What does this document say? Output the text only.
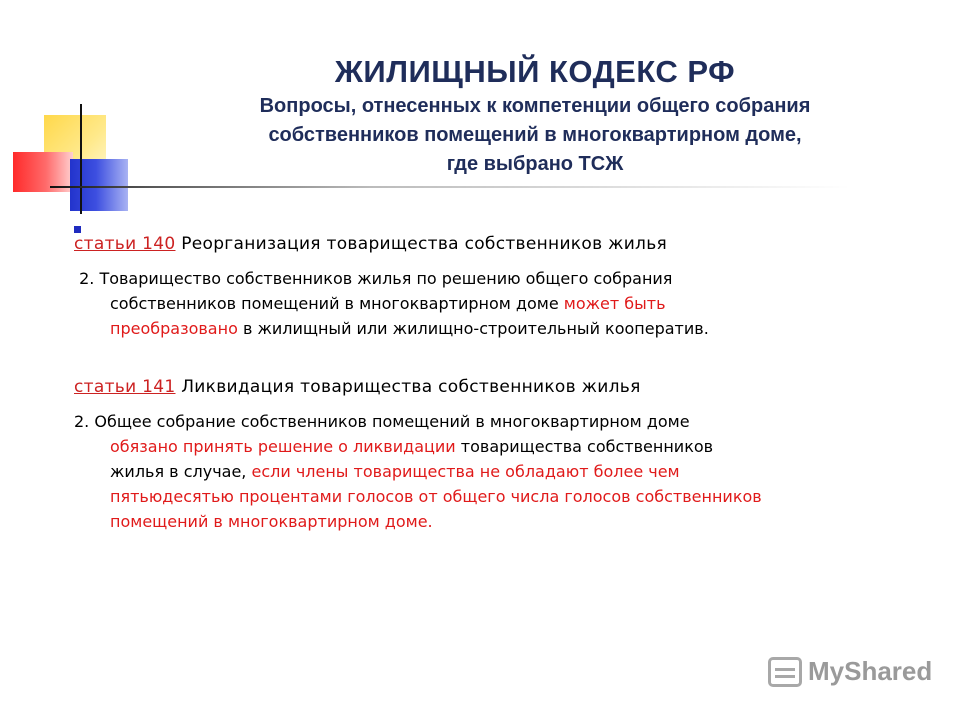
ЖИЛИЩНЫЙ КОДЕКС РФ

Вопросы, отнесенных к компетенции общего собрания
собственников помещений в многоквартирном доме,
где выбрано ТСЖ

статьи 140 Реорганизация товарищества собственников жилья
2. Товарищество собственников жилья по решению общего собрания
собственников помещений в многоквартирном доме может быть
преобразовано в жилищный или жилищно-строительный кооператив.
статьи 141 Ликвидация товарищества собственников жилья
2. Общее собрание собственников помещений в многоквартирном доме
обязано принять решение о ликвидации товарищества собственников
жилья в случае, если члены товарищества не обладают более чем
пятьюдесятью процентами голосов от общего числа голосов собственников
помещений в многоквартирном доме.
MyShared
